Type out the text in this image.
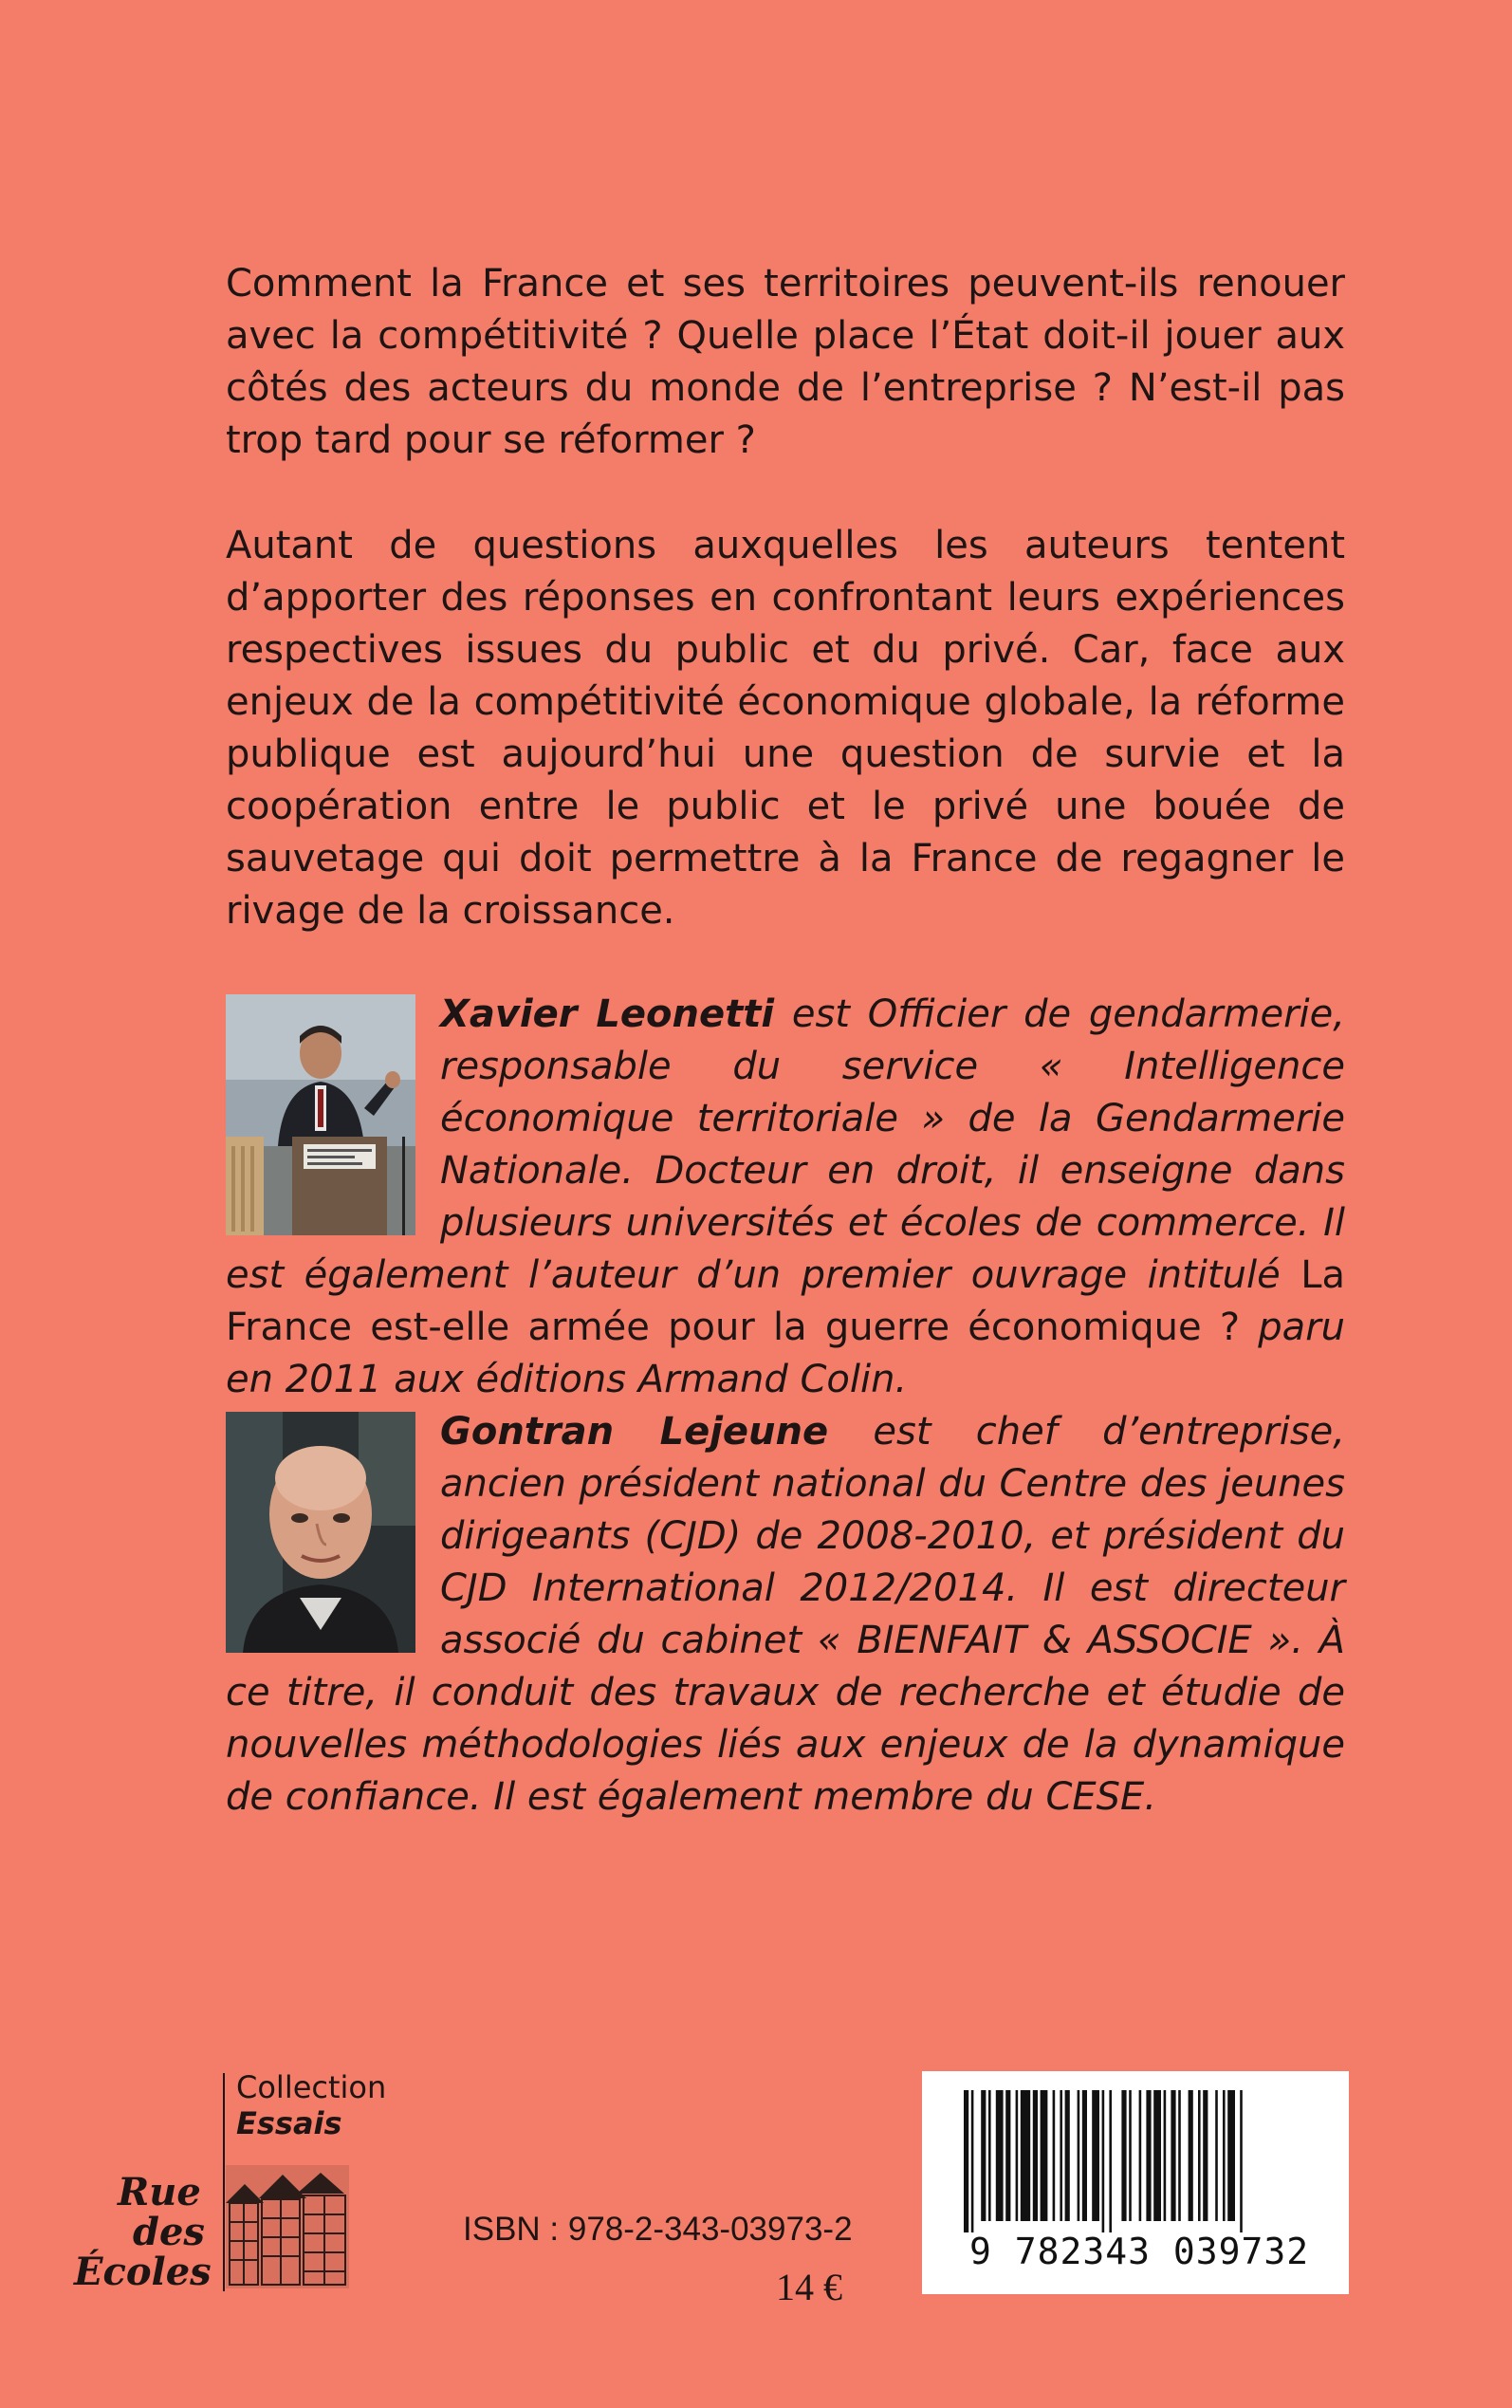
Comment la France et ses territoires peuvent-ils renouer avec la compétitivité ? Quelle place l’État doit-il jouer aux côtés des acteurs du monde de l’entreprise ? N’est-il pas trop tard pour se réformer ?

Autant de questions auxquelles les auteurs tentent d’apporter des réponses en confrontant leurs expériences respectives issues du public et du privé. Car, face aux enjeux de la compétitivité économique globale, la réforme publique est aujourd’hui une question de survie et la coopération entre le public et le privé une bouée de sauvetage qui doit permettre à la France de regagner le rivage de la croissance.

Xavier Leonetti est Officier de gendarmerie, responsable du service « Intelligence économique territoriale » de la Gendarmerie Nationale. Docteur en droit, il enseigne dans plusieurs universités et écoles de commerce. Il est également l’auteur d’un premier ouvrage intitulé La France est-elle armée pour la guerre économique ? paru en 2011 aux éditions Armand Colin.

Gontran Lejeune est chef d’entreprise, ancien président national du Centre des jeunes dirigeants (CJD) de 2008-2010, et président du CJD International 2012/2014. Il est directeur associé du cabinet « BIENFAIT & ASSOCIE ». À ce titre, il conduit des travaux de recherche et étudie de nouvelles méthodologies liés aux enjeux de la dynamique de confiance. Il est également membre du CESE.

Collection
Essais
Rue
des
Écoles
ISBN : 978-2-343-03973-2
14 €
9 782343 039732
